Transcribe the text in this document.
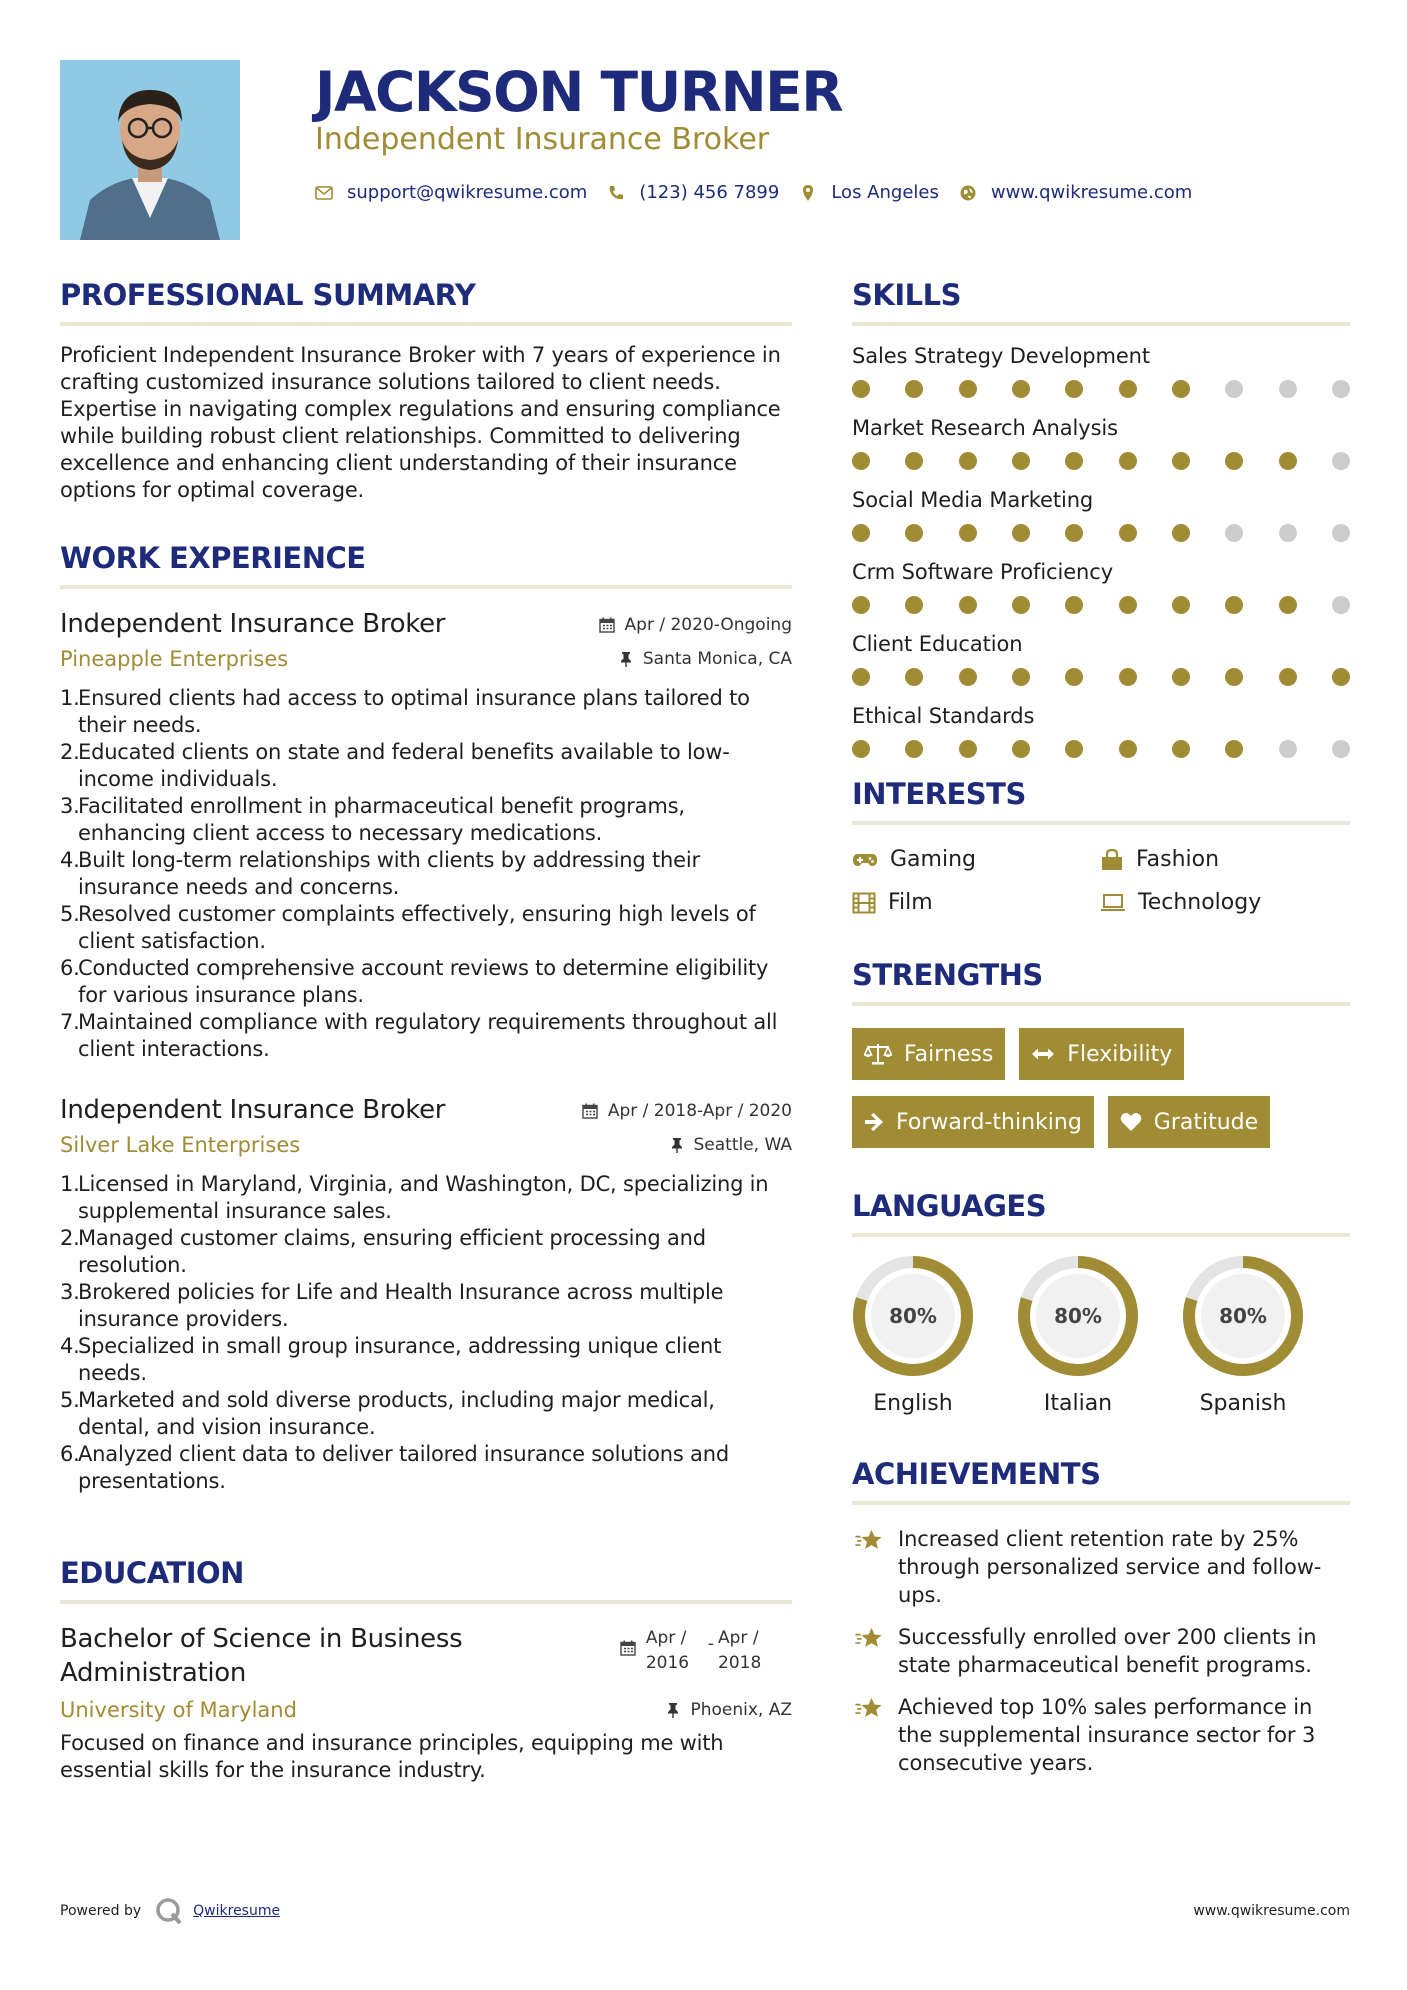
JACKSON TURNER
Independent Insurance Broker
support@qwikresume.com	(123) 456 7899	Los Angeles	www.qwikresume.com
PROFESSIONAL SUMMARY

Proficient Independent Insurance Broker with 7 years of experience in crafting customized insurance solutions tailored to client needs. Expertise in navigating complex regulations and ensuring compliance while building robust client relationships. Committed to delivering excellence and enhancing client understanding of their insurance options for optimal coverage.

WORK EXPERIENCE
Independent Insurance Broker	Apr / 2020-Ongoing
Pineapple Enterprises	Santa Monica, CA
1.Ensured clients had access to optimal insurance plans tailored to their needs.
2.Educated clients on state and federal benefits available to low-income individuals.
3.Facilitated enrollment in pharmaceutical benefit programs, enhancing client access to necessary medications.
4.Built long-term relationships with clients by addressing their insurance needs and concerns.
5.Resolved customer complaints effectively, ensuring high levels of client satisfaction.
6.Conducted comprehensive account reviews to determine eligibility for various insurance plans.
7.Maintained compliance with regulatory requirements throughout all client interactions.
Independent Insurance Broker	Apr / 2018-Apr / 2020
Silver Lake Enterprises	Seattle, WA
1.Licensed in Maryland, Virginia, and Washington, DC, specializing in supplemental insurance sales.
2.Managed customer claims, ensuring efficient processing and resolution.
3.Brokered policies for Life and Health Insurance across multiple insurance providers.
4.Specialized in small group insurance, addressing unique client needs.
5.Marketed and sold diverse products, including major medical, dental, and vision insurance.
6.Analyzed client data to deliver tailored insurance solutions and presentations.
EDUCATION
Bachelor of Science in Business Administration
Apr / 2016
- Apr / 2018
University of Maryland	Phoenix, AZ

Focused on finance and insurance principles, equipping me with essential skills for the insurance industry.

SKILLS
Sales Strategy Development
Market Research Analysis
Social Media Marketing
Crm Software Proficiency
Client Education
Ethical Standards
INTERESTS
Gaming	Fashion
Film	Technology
STRENGTHS
Fairness	Flexibility
Forward-thinking	Gratitude
LANGUAGES
80%
English
80%
Italian
80%
Spanish
ACHIEVEMENTS
Increased client retention rate by 25% through personalized service and follow-ups.
Successfully enrolled over 200 clients in state pharmaceutical benefit programs.
Achieved top 10% sales performance in the supplemental insurance sector for 3 consecutive years.
Powered by	Qwikresume	www.qwikresume.com
